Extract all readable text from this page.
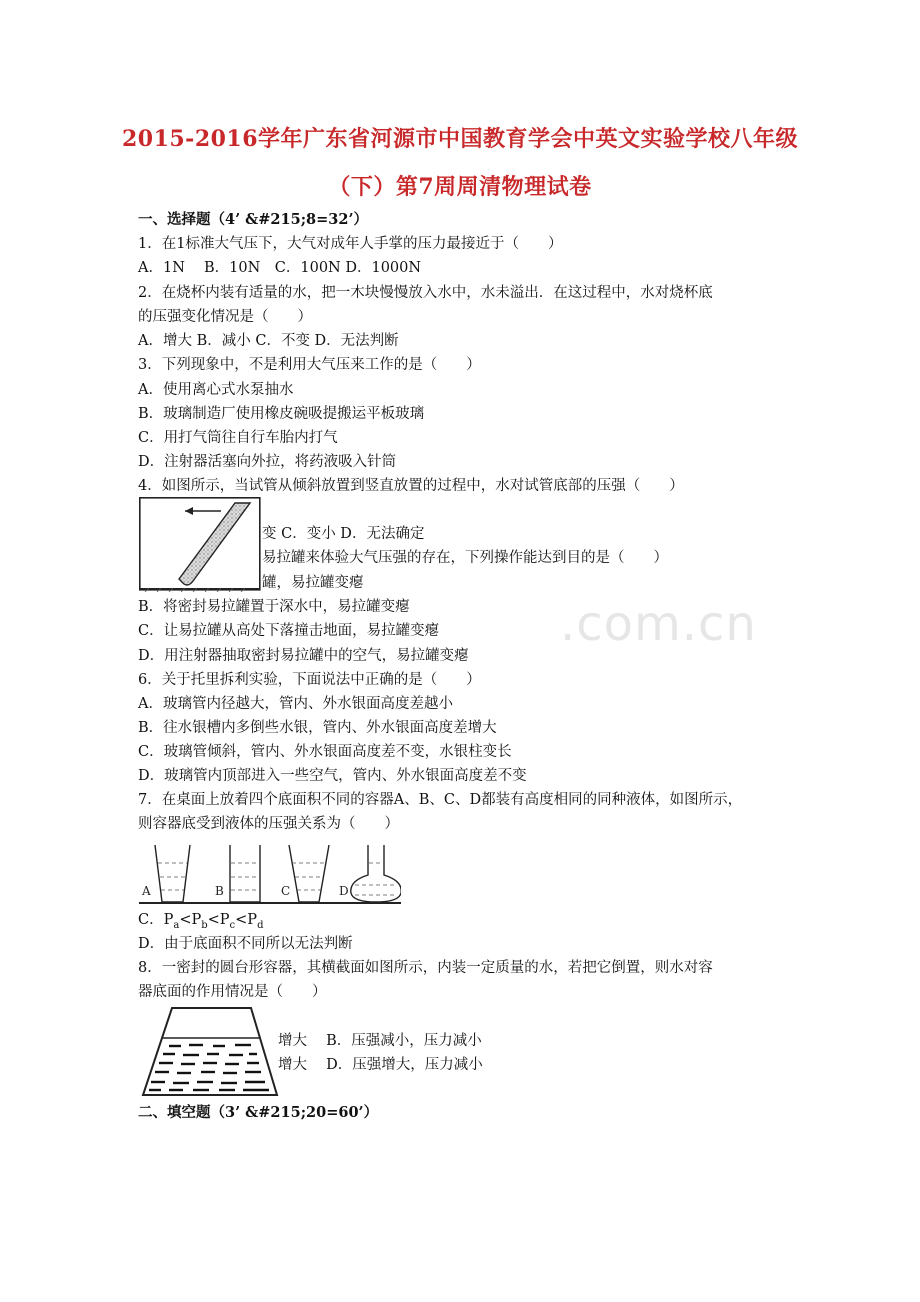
2015-2016学年广东省河源市中国教育学会中英文实验学校八年级
（下）第7周周清物理试卷
.com.cn
一、选择题（4’ &#215;8=32’）
1．在1标准大气压下，大气对成年人手掌的压力最接近于（　　）
A．1N　 B．10N　C．100N D．1000N
2．在烧杯内装有适量的水，把一木块慢慢放入水中，水未溢出．在这过程中，水对烧杯底
的压强变化情况是（　　）
A．增大 B．减小 C．不变 D．无法判断
3．下列现象中，不是利用大气压来工作的是（　　）
A．使用离心式水泵抽水
B．玻璃制造厂使用橡皮碗吸提搬运平板玻璃
C．用打气筒往自行车胎内打气
D．注射器活塞向外拉，将药液吸入针筒
4．如图所示，当试管从倾斜放置到竖直放置的过程中，水对试管底部的压强（　　）
变 C．变小 D．无法确定
易拉罐来体验大气压强的存在，下列操作能达到目的是（　　）
罐，易拉罐变瘪
B．将密封易拉罐置于深水中，易拉罐变瘪
C．让易拉罐从高处下落撞击地面，易拉罐变瘪
D．用注射器抽取密封易拉罐中的空气，易拉罐变瘪
6．关于托里拆利实验，下面说法中正确的是（　　）
A．玻璃管内径越大，管内、外水银面高度差越小
B．往水银槽内多倒些水银，管内、外水银面高度差增大
C．玻璃管倾斜，管内、外水银面高度差不变，水银柱变长
D．玻璃管内顶部进入一些空气，管内、外水银面高度差不变
7．在桌面上放着四个底面积不同的容器A、B、C、D都装有高度相同的同种液体，如图所示，
则容器底受到液体的压强关系为（　　）
A	B	C	D
C．$P_a<P_b<P_c<P_d$
D．由于底面积不同所以无法判断
8．一密封的圆台形容器，其横截面如图所示，内装一定质量的水，若把它倒置，则水对容
器底面的作用情况是（　　）
增大　 B．压强减小，压力减小
增大　 D．压强增大，压力减小
二、填空题（3’ &#215;20=60’）
